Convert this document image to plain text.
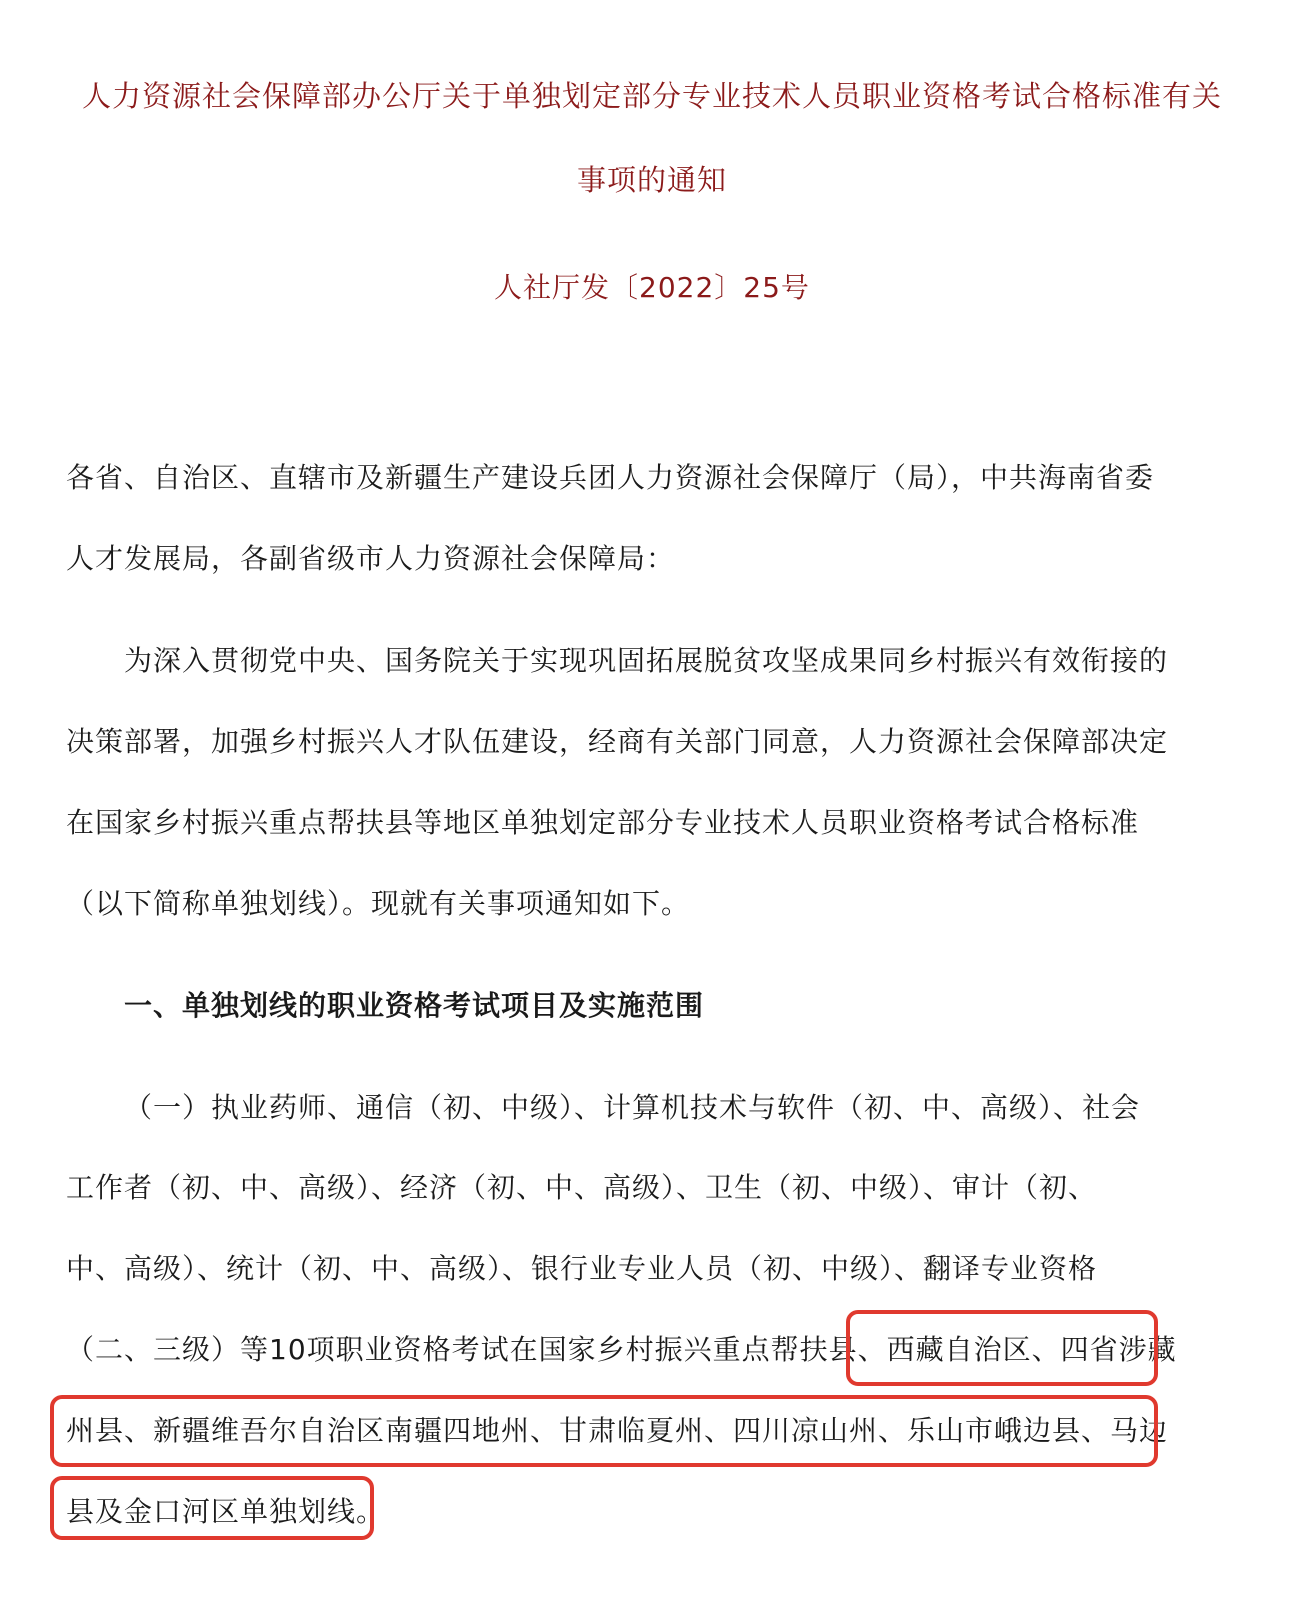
人力资源社会保障部办公厅关于单独划定部分专业技术人员职业资格考试合格标准有关
事项的通知
人社厅发〔2022〕25号
各省、自治区、直辖市及新疆生产建设兵团人力资源社会保障厅（局），中共海南省委
人才发展局，各副省级市人力资源社会保障局：
为深入贯彻党中央、国务院关于实现巩固拓展脱贫攻坚成果同乡村振兴有效衔接的
决策部署，加强乡村振兴人才队伍建设，经商有关部门同意，人力资源社会保障部决定
在国家乡村振兴重点帮扶县等地区单独划定部分专业技术人员职业资格考试合格标准
（以下简称单独划线）。现就有关事项通知如下。
一、单独划线的职业资格考试项目及实施范围
（一）执业药师、通信（初、中级）、计算机技术与软件（初、中、高级）、社会
工作者（初、中、高级）、经济（初、中、高级）、卫生（初、中级）、审计（初、
中、高级）、统计（初、中、高级）、银行业专业人员（初、中级）、翻译专业资格
（二、三级）等10项职业资格考试在国家乡村振兴重点帮扶县、西藏自治区、四省涉藏
州县、新疆维吾尔自治区南疆四地州、甘肃临夏州、四川凉山州、乐山市峨边县、马边
县及金口河区单独划线。
